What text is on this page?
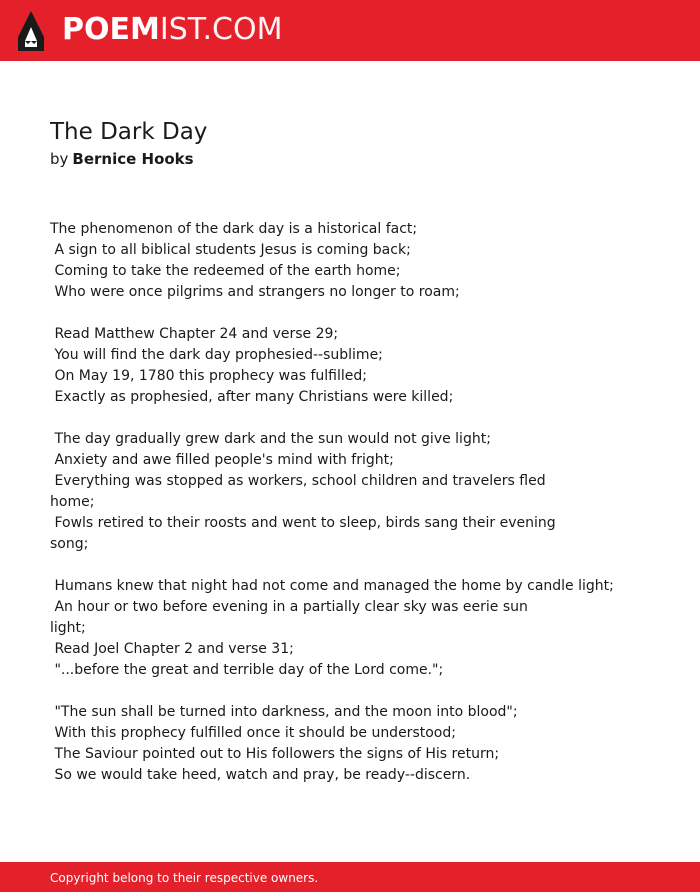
POEMIST.COM
The Dark Day
by Bernice Hooks
The phenomenon of the dark day is a historical fact;
A sign to all biblical students Jesus is coming back;
Coming to take the redeemed of the earth home;
Who were once pilgrims and strangers no longer to roam;
Read Matthew Chapter 24 and verse 29;
You will find the dark day prophesied--sublime;
On May 19, 1780 this prophecy was fulfilled;
Exactly as prophesied, after many Christians were killed;
The day gradually grew dark and the sun would not give light;
Anxiety and awe filled people's mind with fright;
Everything was stopped as workers, school children and travelers fled
home;
Fowls retired to their roosts and went to sleep, birds sang their evening
song;
Humans knew that night had not come and managed the home by candle light;
An hour or two before evening in a partially clear sky was eerie sun
light;
Read Joel Chapter 2 and verse 31;
"...before the great and terrible day of the Lord come.";
"The sun shall be turned into darkness, and the moon into blood";
With this prophecy fulfilled once it should be understood;
The Saviour pointed out to His followers the signs of His return;
So we would take heed, watch and pray, be ready--discern.
Copyright belong to their respective owners.
